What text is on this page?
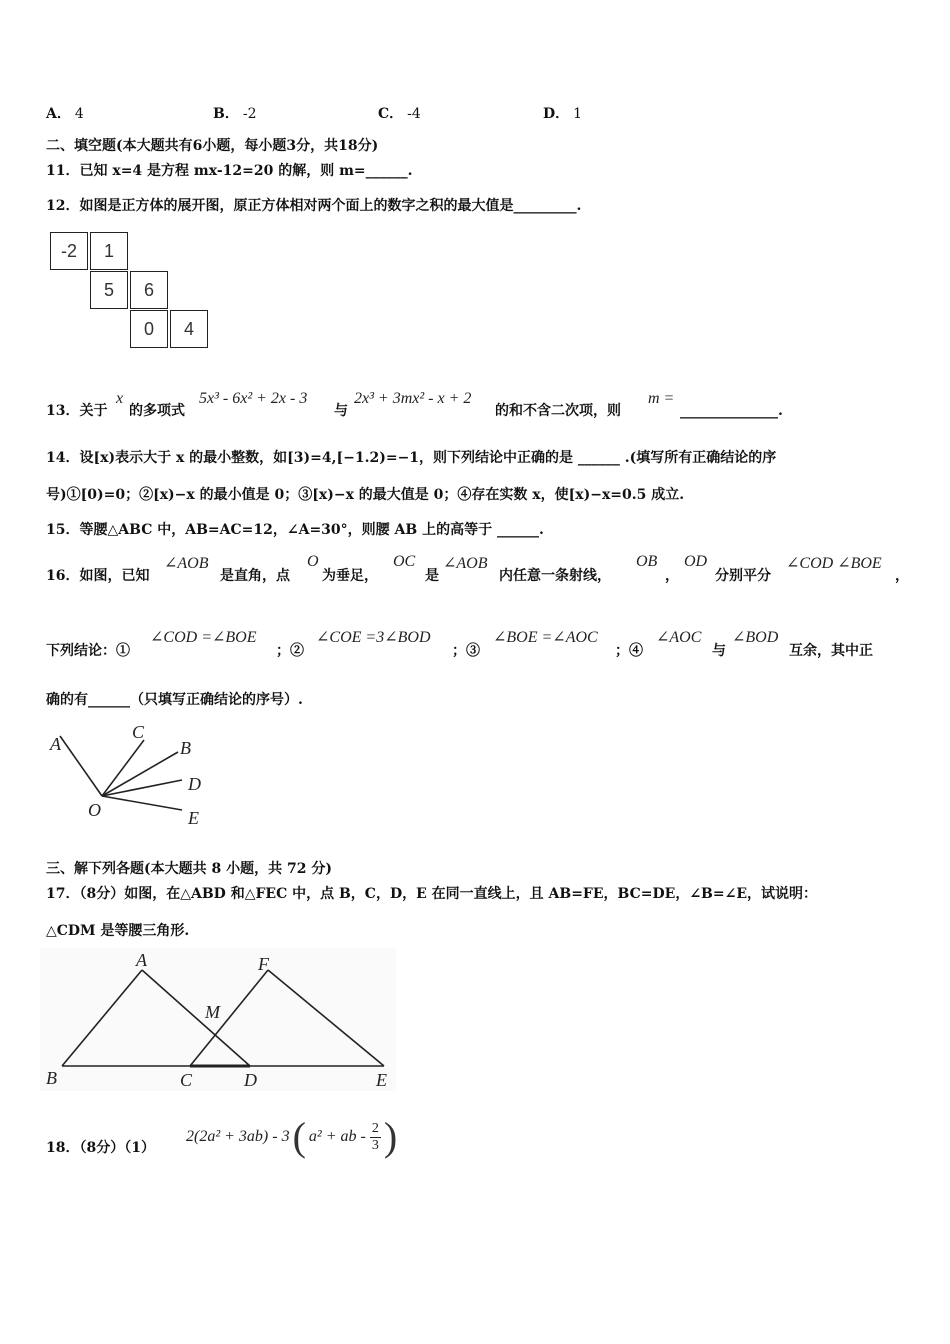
A． 4	B． -2	C． -4	D． 1
二、填空题(本大题共有6小题，每小题3分，共18分)
11．已知 x=4 是方程 mx-12=20 的解，则 m=______.
12．如图是正方体的展开图，原正方体相对两个面上的数字之积的最大值是_________.
-2	1
5	6
0	4
13．关于
x
的多项式
5x³ - 6x² + 2x - 3
与
2x³ + 3mx² - x + 2
的和不含二次项，则
m =
______________.
14．设[x)表示大于 x 的最小整数，如[3)=4,[−1.2)=−1，则下列结论中正确的是 ______ .(填写所有正确结论的序
号)①[0)=0；②[x)−x 的最小值是 0；③[x)−x 的最大值是 0；④存在实数 x，使[x)−x=0.5 成立.
15．等腰△ABC 中，AB=AC=12，∠A=30°，则腰 AB 上的高等于 ______.
16．如图，已知
∠AOB
是直角，点
O
为垂足，
OC
是
∠AOB
内任意一条射线，
OB
，
OD
分别平分
∠COD ∠BOE
，
下列结论：①
∠COD =∠BOE
；②
∠COE =3∠BOD
；③
∠BOE =∠AOC
；④
∠AOC
与
∠BOD
互余，其中正
确的有______（只填写正确结论的序号）.
A
C
B
D
O	E
三、解下列各题(本大题共 8 小题，共 72 分)
17．（8分）如图，在△ABD 和△FEC 中，点 B，C，D，E 在同一直线上，且 AB=FE，BC=DE，∠B=∠E，试说明：
△CDM 是等腰三角形.
A	F
M
B	C	D	E
18．（8分）（1）
2(2a² + 3ab) - 3 ( a² + ab - $\frac{2}{3}$ )
